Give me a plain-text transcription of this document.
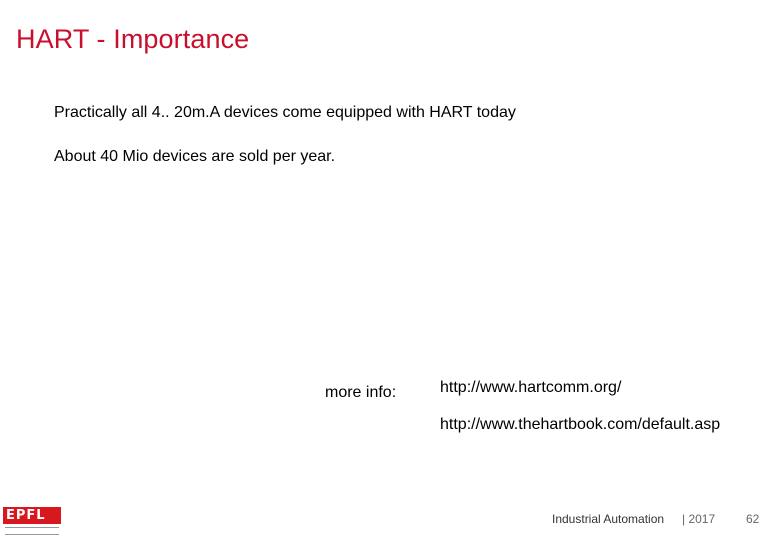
HART - Importance
Practically all 4.. 20m.A devices come equipped with HART today
About 40 Mio devices are sold per year.
more info:	http://www.hartcomm.org/
http://www.thehartbook.com/default.asp
EPFL	Industrial Automation | 2017	62
